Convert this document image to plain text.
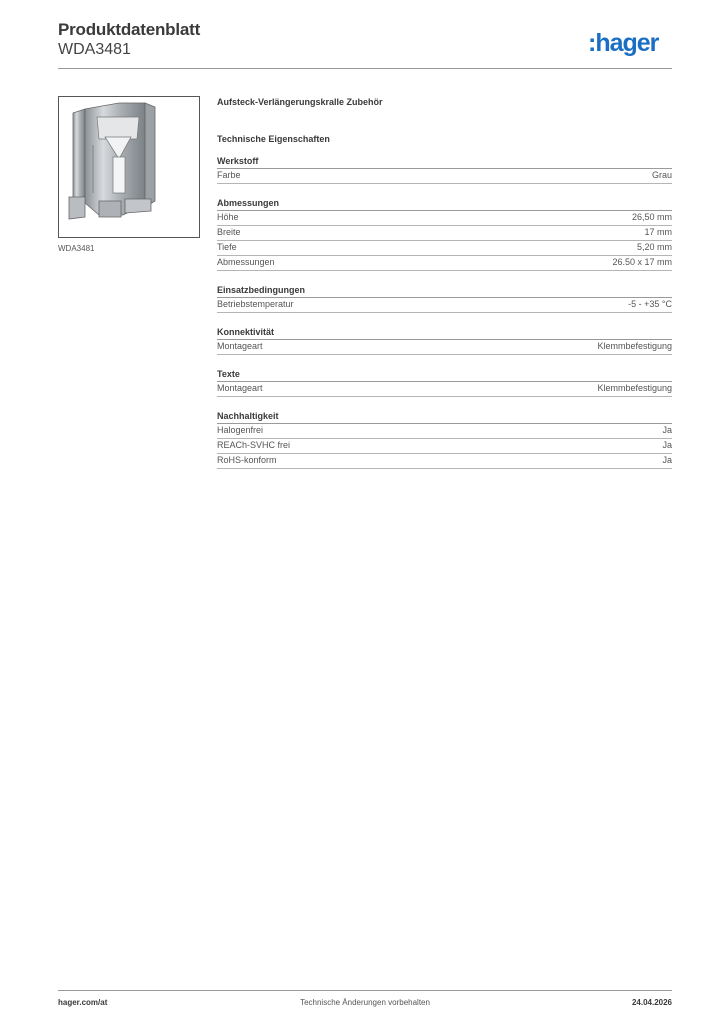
Produktdatenblatt
WDA3481	:hager
WDA3481
Aufsteck-Verlängerungskralle Zubehör
Technische Eigenschaften
Werkstoff
Farbe	Grau
Abmessungen
Höhe	26,50 mm
Breite	17 mm
Tiefe	5,20 mm
Abmessungen	26.50 x 17 mm
Einsatzbedingungen
Betriebstemperatur	-5 - +35 °C
Konnektivität
Montageart	Klemmbefestigung
Texte
Montageart	Klemmbefestigung
Nachhaltigkeit
Halogenfrei	Ja
REACh-SVHC frei	Ja
RoHS-konform	Ja
hager.com/at	Technische Änderungen vorbehalten	24.04.2026
